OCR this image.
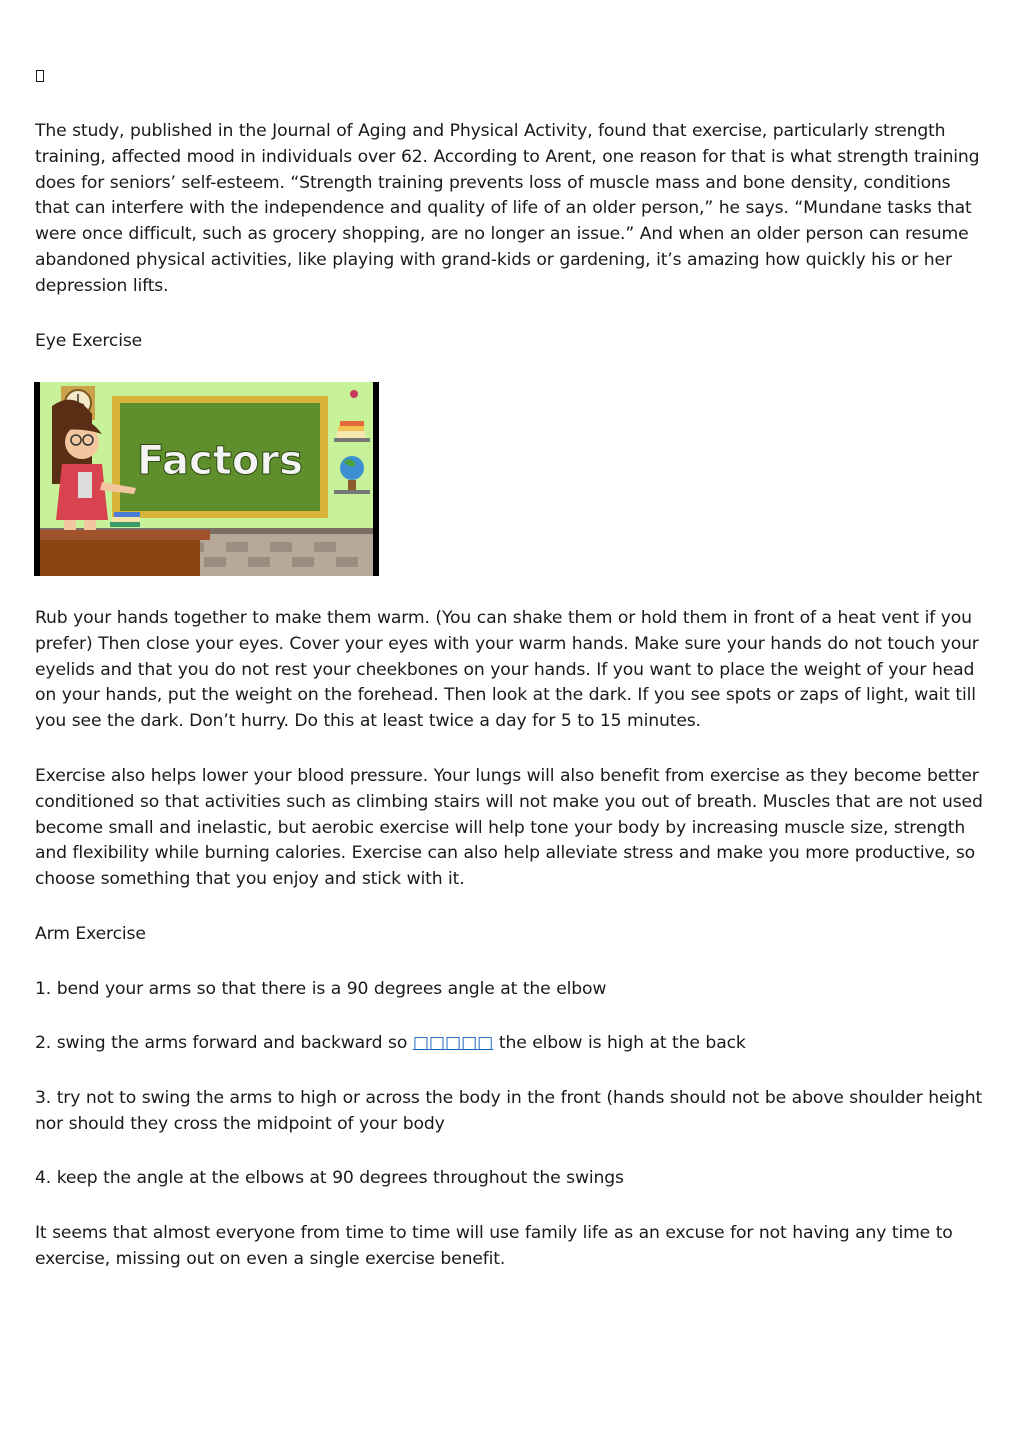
The study, published in the Journal of Aging and Physical Activity, found that exercise, particularly strength training, affected mood in individuals over 62. According to Arent, one reason for that is what strength training does for seniors’ self-esteem. “Strength training prevents loss of muscle mass and bone density, conditions that can interfere with the independence and quality of life of an older person,” he says. “Mundane tasks that were once difficult, such as grocery shopping, are no longer an issue.” And when an older person can resume abandoned physical activities, like playing with grand-kids or gardening, it’s amazing how quickly his or her depression lifts.

Eye Exercise

Factors

Rub your hands together to make them warm. (You can shake them or hold them in front of a heat vent if you prefer) Then close your eyes. Cover your eyes with your warm hands. Make sure your hands do not touch your eyelids and that you do not rest your cheekbones on your hands. If you want to place the weight of your head on your hands, put the weight on the forehead. Then look at the dark. If you see spots or zaps of light, wait till you see the dark. Don’t hurry. Do this at least twice a day for 5 to 15 minutes.

Exercise also helps lower your blood pressure. Your lungs will also benefit from exercise as they become better conditioned so that activities such as climbing stairs will not make you out of breath. Muscles that are not used become small and inelastic, but aerobic exercise will help tone your body by increasing muscle size, strength and flexibility while burning calories. Exercise can also help alleviate stress and make you more productive, so choose something that you enjoy and stick with it.

Arm Exercise

1. bend your arms so that there is a 90 degrees angle at the elbow

2. swing the arms forward and backward so □□□□□ the elbow is high at the back

3. try not to swing the arms to high or across the body in the front (hands should not be above shoulder height nor should they cross the midpoint of your body

4. keep the angle at the elbows at 90 degrees throughout the swings

It seems that almost everyone from time to time will use family life as an excuse for not having any time to exercise, missing out on even a single exercise benefit.
